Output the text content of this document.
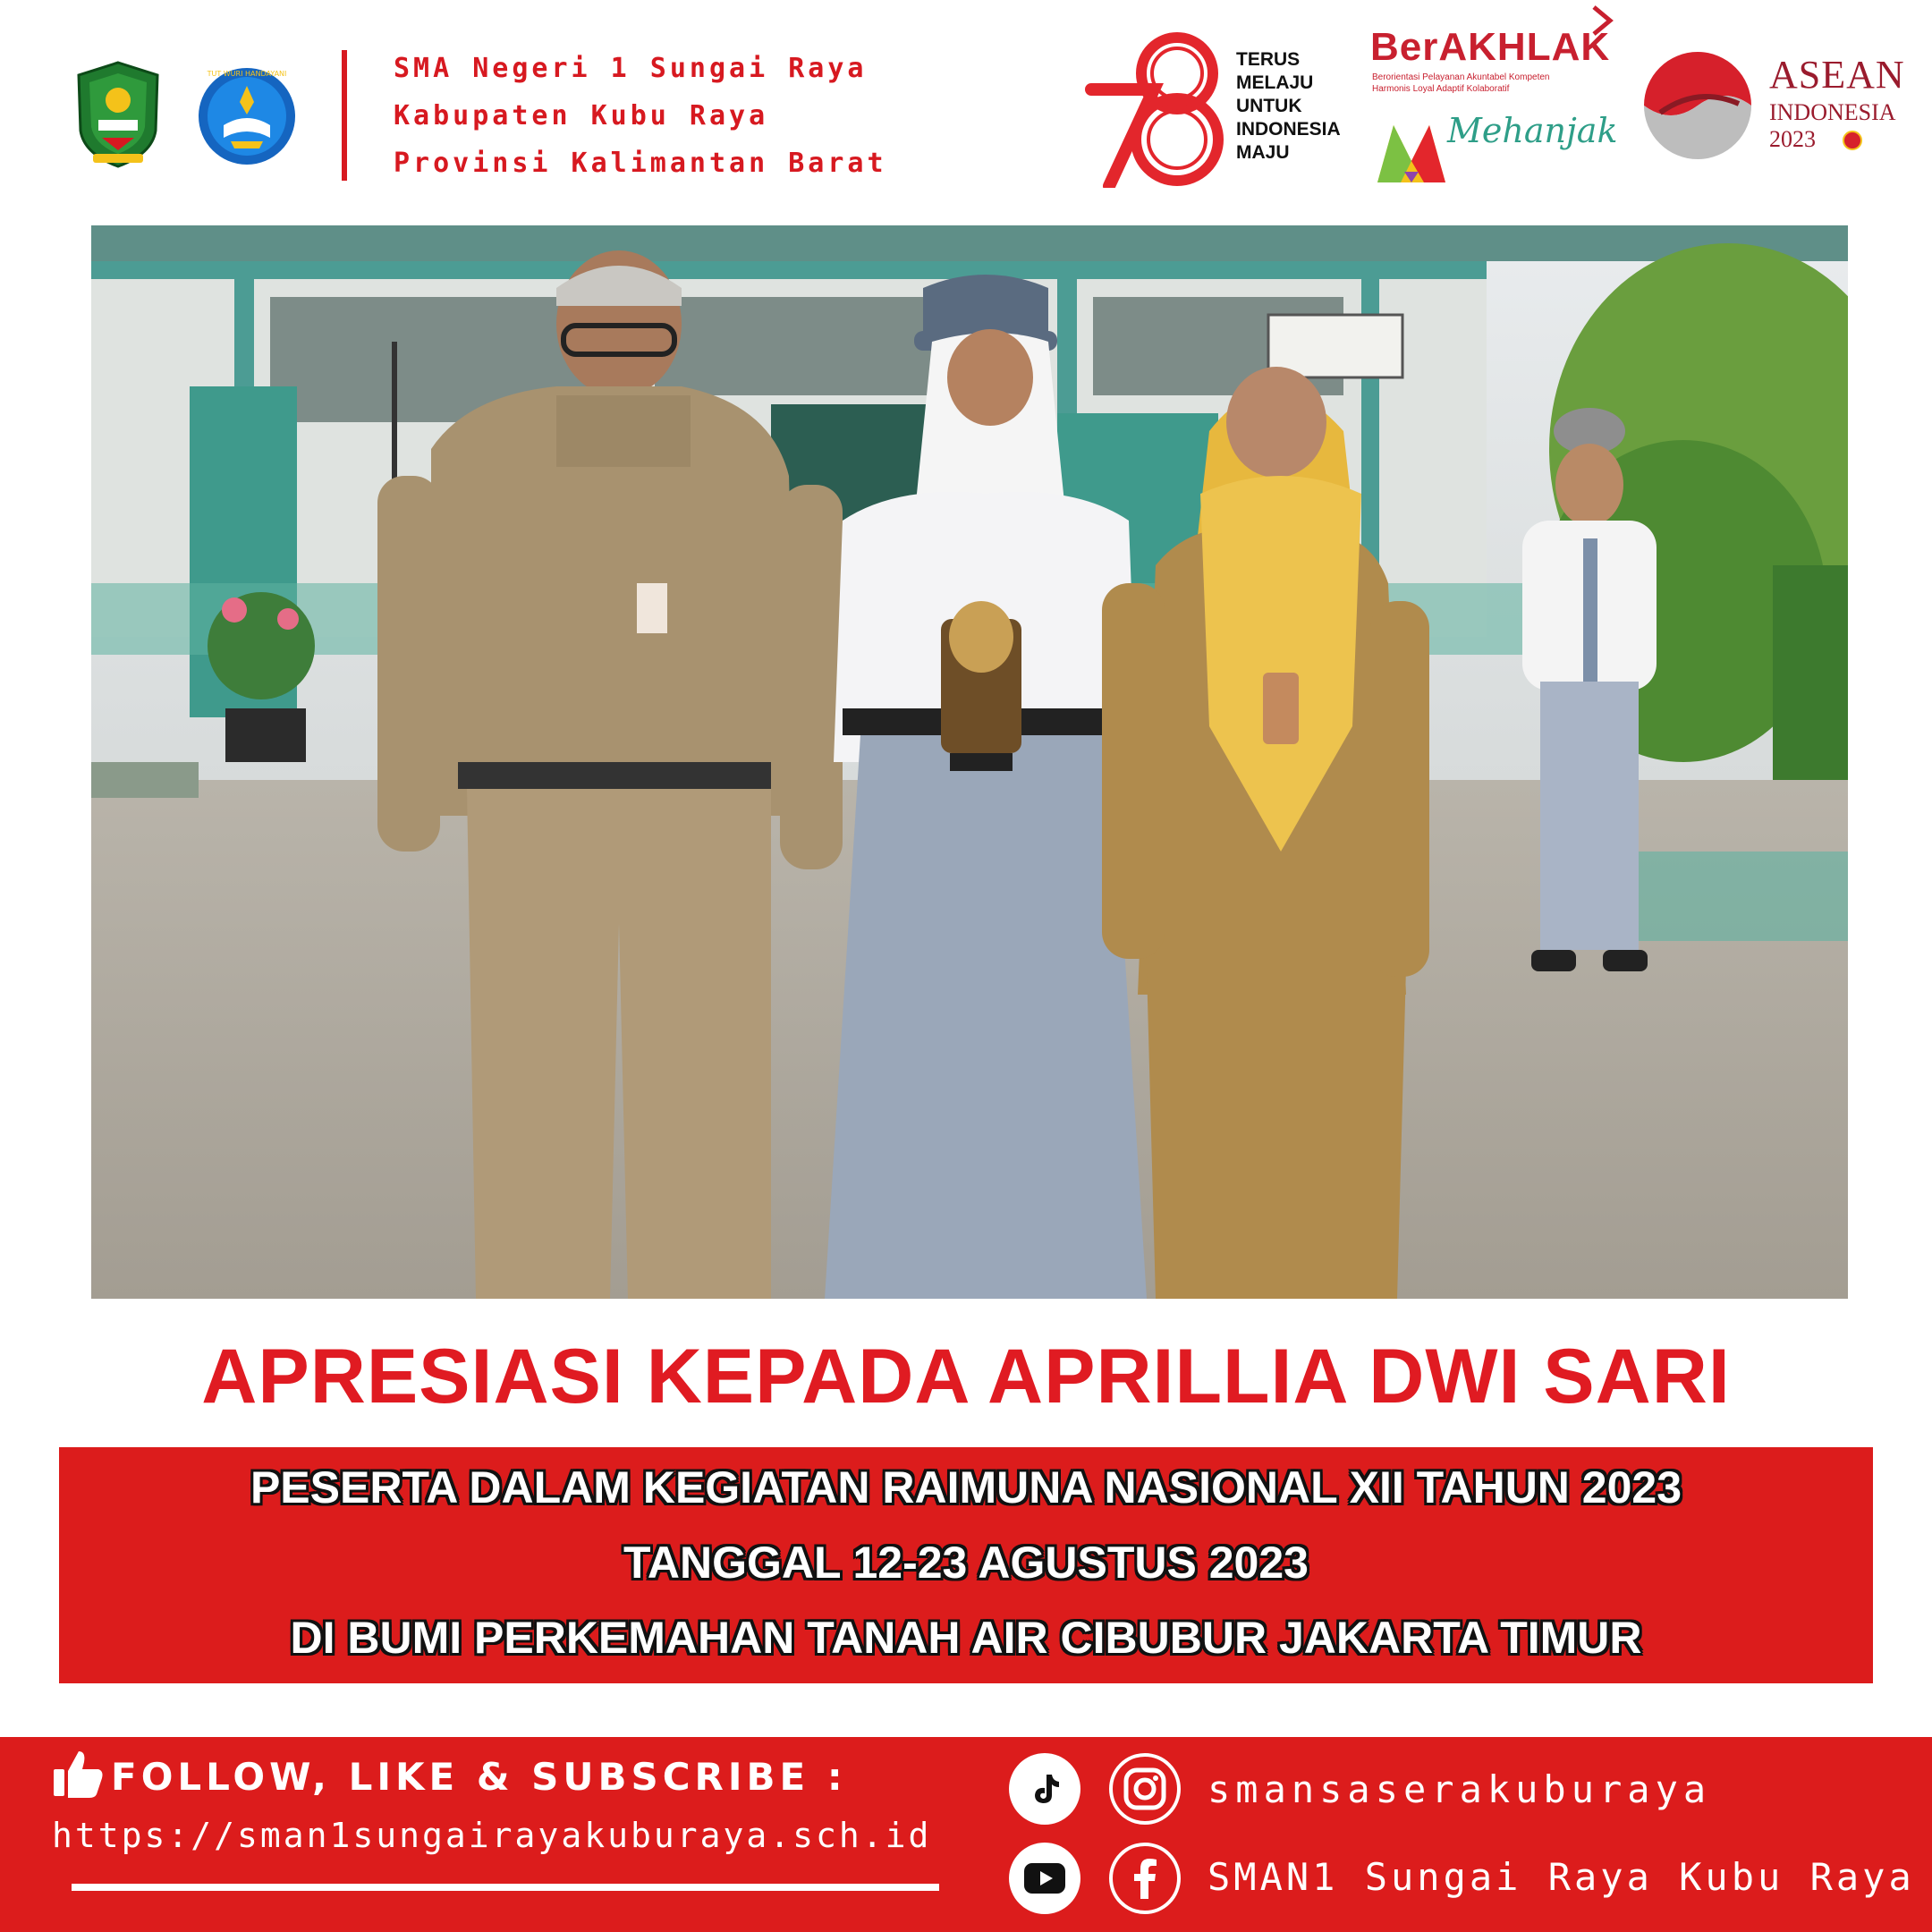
TUT WURI HANDAYANI	SMA Negeri 1 Sungai Raya
Kabupaten Kubu Raya
Provinsi Kalimantan Barat
TERUS
MELAJU
UNTUK
INDONESIA
MAJU
BerAKHLAK
Berorientasi Pelayanan Akuntabel Kompeten
Harmonis Loyal Adaptif Kolaboratif
Mehanjak
ASEAN
INDONESIA
2023
APRESIASI KEPADA APRILLIA DWI SARI
PESERTA DALAM KEGIATAN RAIMUNA NASIONAL XII TAHUN 2023
TANGGAL 12-23 AGUSTUS 2023
DI BUMI PERKEMAHAN TANAH AIR CIBUBUR JAKARTA TIMUR
FOLLOW, LIKE & SUBSCRIBE :
https://sman1sungairayakuburaya.sch.id
smansaserakuburaya
SMAN1 Sungai Raya Kubu Raya
